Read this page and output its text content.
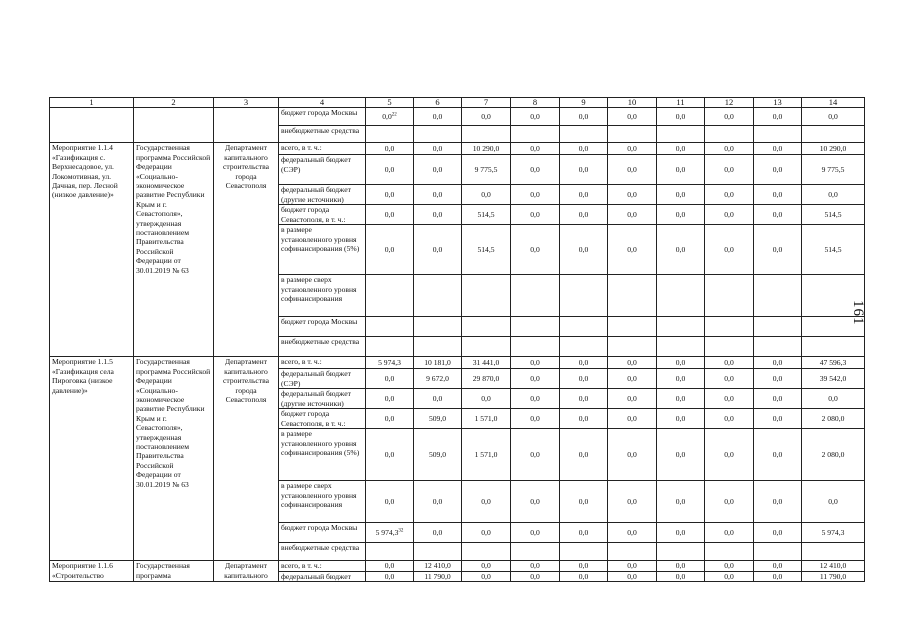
161
1	2	3	4	5	6	7	8	9	10	11	12	13	14
			бюджет города Москвы	$0,0^{22}$	0,0	0,0	0,0	0,0	0,0	0,0	0,0	0,0	0,0
			внебюджетные средства										
Мероприятие 1.1.4 «Газификация с. Верхнесадовое, ул. Локомотивная, ул. Дачная, пер. Лесной (низкое давление)»	Государственная программа Российской Федерации «Социально-экономическое развитие Республики Крым и г. Севастополя», утвержденная постановлением Правительства Российской Федерации от 30.01.2019 № 63	Департамент капитального строительства города Севастополя	всего, в т. ч.:	0,0	0,0	10 290,0	0,0	0,0	0,0	0,0	0,0	0,0	10 290,0
			федеральный бюджет (СЭР)	0,0	0,0	9 775,5	0,0	0,0	0,0	0,0	0,0	0,0	9 775,5
			федеральный бюджет (другие источники)	0,0	0,0	0,0	0,0	0,0	0,0	0,0	0,0	0,0	0,0
			бюджет города Севастополя, в т. ч.:	0,0	0,0	514,5	0,0	0,0	0,0	0,0	0,0	0,0	514,5
			в размере установленного уровня софинансирования (5%)	0,0	0,0	514,5	0,0	0,0	0,0	0,0	0,0	0,0	514,5
			в размере сверх установленного уровня софинансирования										
			бюджет города Москвы										
			внебюджетные средства										
Мероприятие 1.1.5 «Газификация села Пироговка (низкое давление)»	Государственная программа Российской Федерации «Социально-экономическое развитие Республики Крым и г. Севастополя», утвержденная постановлением Правительства Российской Федерации от 30.01.2019 № 63	Департамент капитального строительства города Севастополя	всего, в т. ч.:	5 974,3	10 181,0	31 441,0	0,0	0,0	0,0	0,0	0,0	0,0	47 596,3
			федеральный бюджет (СЭР)	0,0	9 672,0	29 870,0	0,0	0,0	0,0	0,0	0,0	0,0	39 542,0
			федеральный бюджет (другие источники)	0,0	0,0	0,0	0,0	0,0	0,0	0,0	0,0	0,0	0,0
			бюджет города Севастополя, в т. ч.:	0,0	509,0	1 571,0	0,0	0,0	0,0	0,0	0,0	0,0	2 080,0
			в размере установленного уровня софинансирования (5%)	0,0	509,0	1 571,0	0,0	0,0	0,0	0,0	0,0	0,0	2 080,0
			в размере сверх установленного уровня софинансирования	0,0	0,0	0,0	0,0	0,0	0,0	0,0	0,0	0,0	0,0
			бюджет города Москвы	5 974,3$^{32}$	0,0	0,0	0,0	0,0	0,0	0,0	0,0	0,0	5 974,3
			внебюджетные средства										
Мероприятие 1.1.6 «Строительство	Государственная программа	Департамент капитального	всего, в т. ч.:	0,0	12 410,0	0,0	0,0	0,0	0,0	0,0	0,0	0,0	12 410,0
			федеральный бюджет	0,0	11 790,0	0,0	0,0	0,0	0,0	0,0	0,0	0,0	11 790,0
